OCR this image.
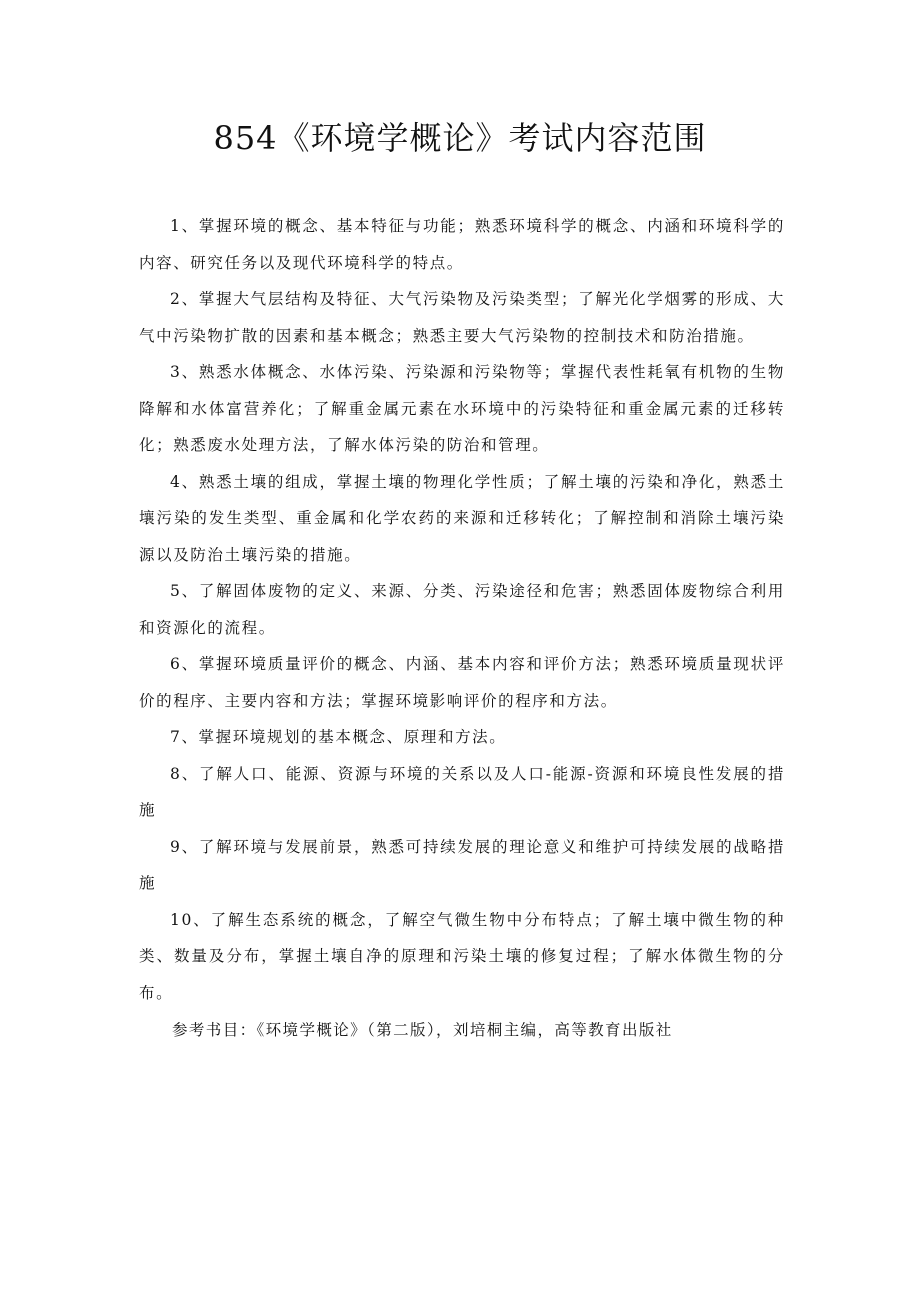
854《环境学概论》考试内容范围

1、掌握环境的概念、基本特征与功能；熟悉环境科学的概念、内涵和环境科学的内容、研究任务以及现代环境科学的特点。

2、掌握大气层结构及特征、大气污染物及污染类型；了解光化学烟雾的形成、大气中污染物扩散的因素和基本概念；熟悉主要大气污染物的控制技术和防治措施。

3、熟悉水体概念、水体污染、污染源和污染物等；掌握代表性耗氧有机物的生物降解和水体富营养化；了解重金属元素在水环境中的污染特征和重金属元素的迁移转化；熟悉废水处理方法，了解水体污染的防治和管理。

4、熟悉土壤的组成，掌握土壤的物理化学性质；了解土壤的污染和净化，熟悉土壤污染的发生类型、重金属和化学农药的来源和迁移转化；了解控制和消除土壤污染源以及防治土壤污染的措施。

5、了解固体废物的定义、来源、分类、污染途径和危害；熟悉固体废物综合利用和资源化的流程。

6、掌握环境质量评价的概念、内涵、基本内容和评价方法；熟悉环境质量现状评价的程序、主要内容和方法；掌握环境影响评价的程序和方法。

7、掌握环境规划的基本概念、原理和方法。

8、了解人口、能源、资源与环境的关系以及人口-能源-资源和环境良性发展的措施

9、了解环境与发展前景，熟悉可持续发展的理论意义和维护可持续发展的战略措施

10、了解生态系统的概念，了解空气微生物中分布特点；了解土壤中微生物的种类、数量及分布，掌握土壤自净的原理和污染土壤的修复过程；了解水体微生物的分布。

参考书目：《环境学概论》（第二版），刘培桐主编，高等教育出版社
